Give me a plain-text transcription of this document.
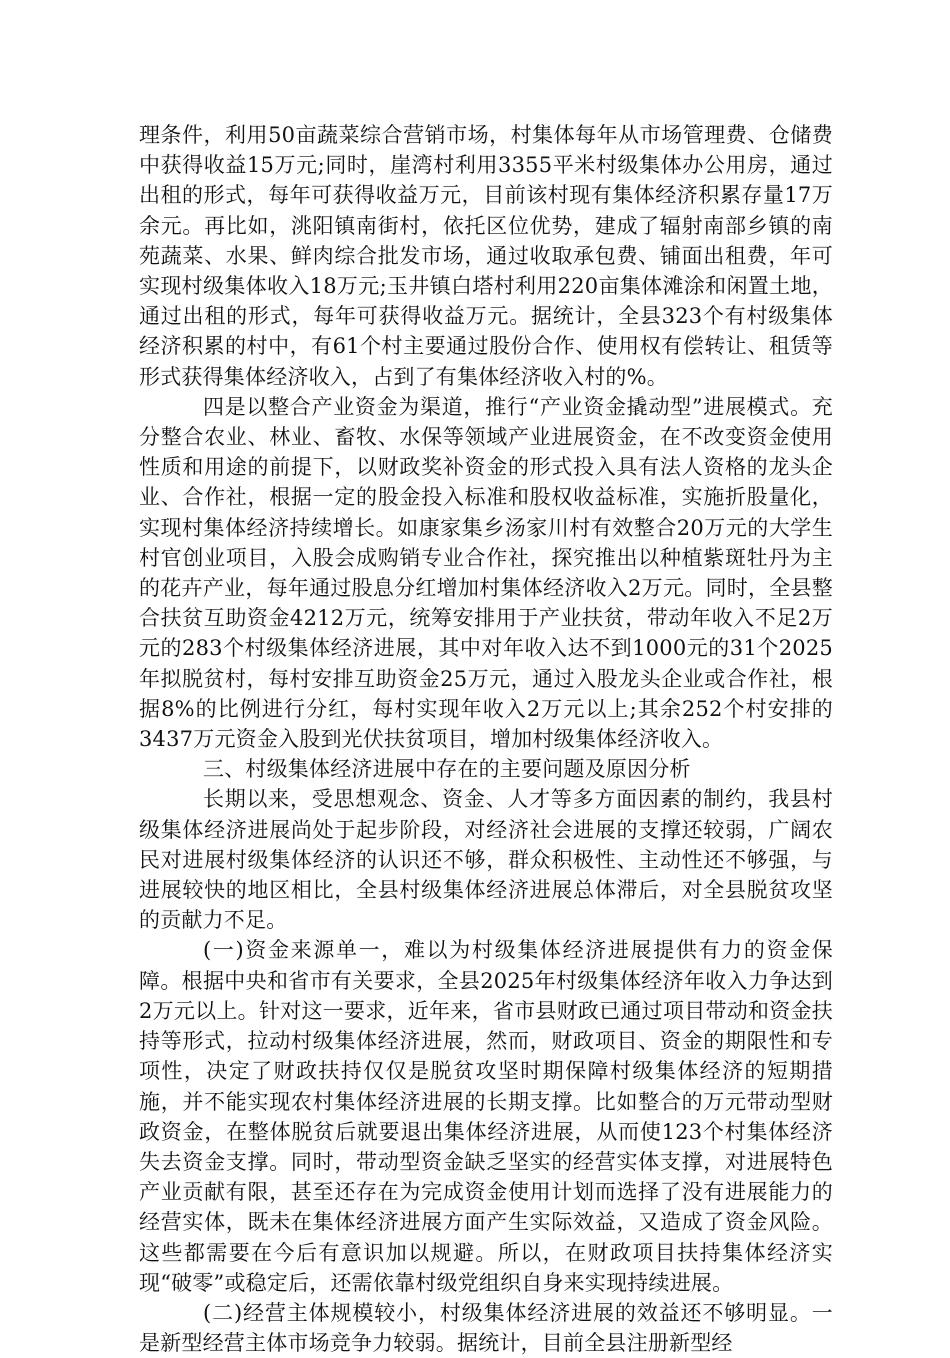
理条件，利用50亩蔬菜综合营销市场，村集体每年从市场管理费、仓储费中获得收益15万元;同时，崖湾村利用3355平米村级集体办公用房，通过出租的形式，每年可获得收益万元，目前该村现有集体经济积累存量17万余元。再比如，洮阳镇南街村，依托区位优势，建成了辐射南部乡镇的南苑蔬菜、水果、鲜肉综合批发市场，通过收取承包费、铺面出租费，年可实现村级集体收入18万元;玉井镇白塔村利用220亩集体滩涂和闲置土地，通过出租的形式，每年可获得收益万元。据统计，全县323个有村级集体经济积累的村中，有61个村主要通过股份合作、使用权有偿转让、租赁等形式获得集体经济收入，占到了有集体经济收入村的%。

四是以整合产业资金为渠道，推行“产业资金撬动型”进展模式。充分整合农业、林业、畜牧、水保等领域产业进展资金，在不改变资金使用性质和用途的前提下，以财政奖补资金的形式投入具有法人资格的龙头企业、合作社，根据一定的股金投入标准和股权收益标准，实施折股量化，实现村集体经济持续增长。如康家集乡汤家川村有效整合20万元的大学生村官创业项目，入股会成购销专业合作社，探究推出以种植紫斑牡丹为主的花卉产业，每年通过股息分红增加村集体经济收入2万元。同时，全县整合扶贫互助资金4212万元，统筹安排用于产业扶贫，带动年收入不足2万元的283个村级集体经济进展，其中对年收入达不到1000元的31个2025年拟脱贫村，每村安排互助资金25万元，通过入股龙头企业或合作社，根据8%的比例进行分红，每村实现年收入2万元以上;其余252个村安排的3437万元资金入股到光伏扶贫项目，增加村级集体经济收入。

三、村级集体经济进展中存在的主要问题及原因分析

长期以来，受思想观念、资金、人才等多方面因素的制约，我县村级集体经济进展尚处于起步阶段，对经济社会进展的支撑还较弱，广阔农民对进展村级集体经济的认识还不够，群众积极性、主动性还不够强，与进展较快的地区相比，全县村级集体经济进展总体滞后，对全县脱贫攻坚的贡献力不足。

(一)资金来源单一，难以为村级集体经济进展提供有力的资金保障。根据中央和省市有关要求，全县2025年村级集体经济年收入力争达到2万元以上。针对这一要求，近年来，省市县财政已通过项目带动和资金扶持等形式，拉动村级集体经济进展，然而，财政项目、资金的期限性和专项性，决定了财政扶持仅仅是脱贫攻坚时期保障村级集体经济的短期措施，并不能实现农村集体经济进展的长期支撑。比如整合的万元带动型财政资金，在整体脱贫后就要退出集体经济进展，从而使123个村集体经济失去资金支撑。同时，带动型资金缺乏坚实的经营实体支撑，对进展特色产业贡献有限，甚至还存在为完成资金使用计划而选择了没有进展能力的经营实体，既未在集体经济进展方面产生实际效益，又造成了资金风险。这些都需要在今后有意识加以规避。所以，在财政项目扶持集体经济实现“破零”或稳定后，还需依靠村级党组织自身来实现持续进展。

(二)经营主体规模较小，村级集体经济进展的效益还不够明显。一是新型经营主体市场竞争力较弱。据统计，目前全县注册新型经
